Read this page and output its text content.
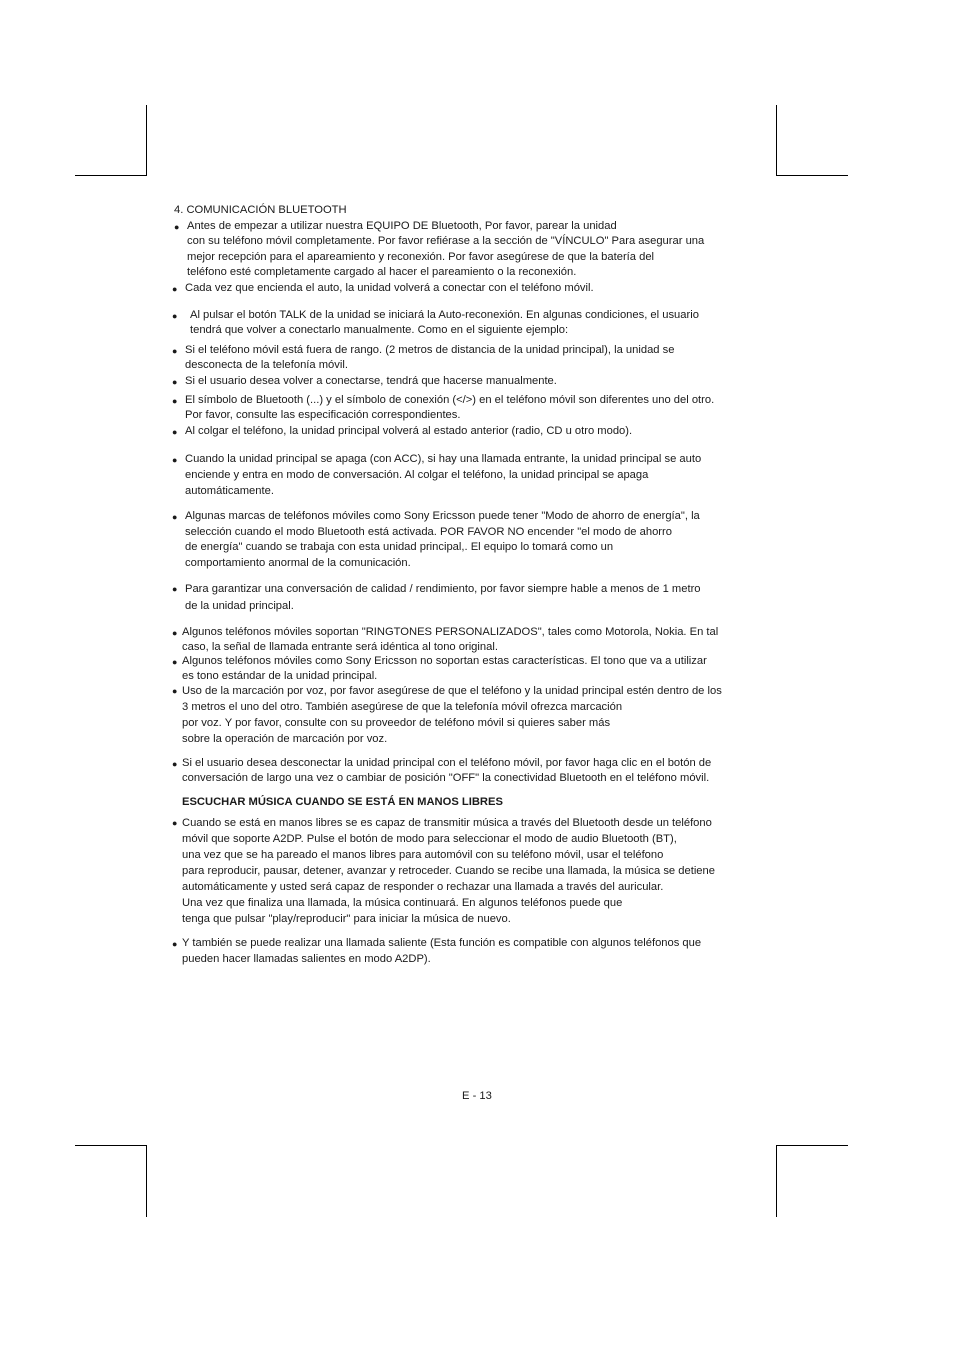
4. COMUNICACIÓN BLUETOOTH
● Antes de empezar a utilizar nuestra EQUIPO DE Bluetooth, Por favor, parear la unidad
con su teléfono móvil completamente. Por favor refiérase a la sección de "VÍNCULO" Para asegurar una
mejor recepción para el apareamiento y reconexión. Por favor asegúrese de que la batería del
teléfono esté completamente cargado al hacer el pareamiento o la reconexión.
● Cada vez que encienda el auto, la unidad volverá a conectar con el teléfono móvil.
● Al pulsar el botón TALK de la unidad se iniciará la Auto-reconexión. En algunas condiciones, el usuario
tendrá que volver a conectarlo manualmente. Como en el siguiente ejemplo:
● Si el teléfono móvil está fuera de rango. (2 metros de distancia de la unidad principal), la unidad se
desconecta de la telefonía móvil.
● Si el usuario desea volver a conectarse, tendrá que hacerse manualmente.
● El símbolo de Bluetooth (...) y el símbolo de conexión (</>) en el teléfono móvil son diferentes uno del otro.
Por favor, consulte las especificación correspondientes.
● Al colgar el teléfono, la unidad principal volverá al estado anterior (radio, CD u otro modo).
● Cuando la unidad principal se apaga (con ACC), si hay una llamada entrante, la unidad principal se auto
enciende y entra en modo de conversación. Al colgar el teléfono, la unidad principal se apaga
automáticamente.
● Algunas marcas de teléfonos móviles como Sony Ericsson puede tener "Modo de ahorro de energía", la
selección cuando el modo Bluetooth está activada. POR FAVOR NO encender "el modo de ahorro
de energía" cuando se trabaja con esta unidad principal,. El equipo lo tomará como un
comportamiento anormal de la comunicación.
● Para garantizar una conversación de calidad / rendimiento, por favor siempre hable a menos de 1 metro
de la unidad principal.
● Algunos teléfonos móviles soportan "RINGTONES PERSONALIZADOS", tales como Motorola, Nokia. En tal
caso, la señal de llamada entrante será idéntica al tono original.
● Algunos teléfonos móviles como Sony Ericsson no soportan estas características. El tono que va a utilizar
es tono estándar de la unidad principal.
● Uso de la marcación por voz, por favor asegúrese de que el teléfono y la unidad principal estén dentro de los
3 metros el uno del otro. También asegúrese de que la telefonía móvil ofrezca marcación
por voz. Y por favor, consulte con su proveedor de teléfono móvil si quieres saber más
sobre la operación de marcación por voz.
● Si el usuario desea desconectar la unidad principal con el teléfono móvil, por favor haga clic en el botón de
conversación de largo una vez o cambiar de posición "OFF" la conectividad Bluetooth en el teléfono móvil.
ESCUCHAR MÚSICA CUANDO SE ESTÁ EN MANOS LIBRES
● Cuando se está en manos libres se es capaz de transmitir música a través del Bluetooth desde un teléfono
móvil que soporte A2DP. Pulse el botón de modo para seleccionar el modo de audio Bluetooth (BT),
una vez que se ha pareado el manos libres para automóvil con su teléfono móvil, usar el teléfono
para reproducir, pausar, detener, avanzar y retroceder. Cuando se recibe una llamada, la música se detiene
automáticamente y usted será capaz de responder o rechazar una llamada a través del auricular.
Una vez que finaliza una llamada, la música continuará. En algunos teléfonos puede que
tenga que pulsar "play/reproducir" para iniciar la música de nuevo.
● Y también se puede realizar una llamada saliente (Esta función es compatible con algunos teléfonos que
pueden hacer llamadas salientes en modo A2DP).
E - 13
